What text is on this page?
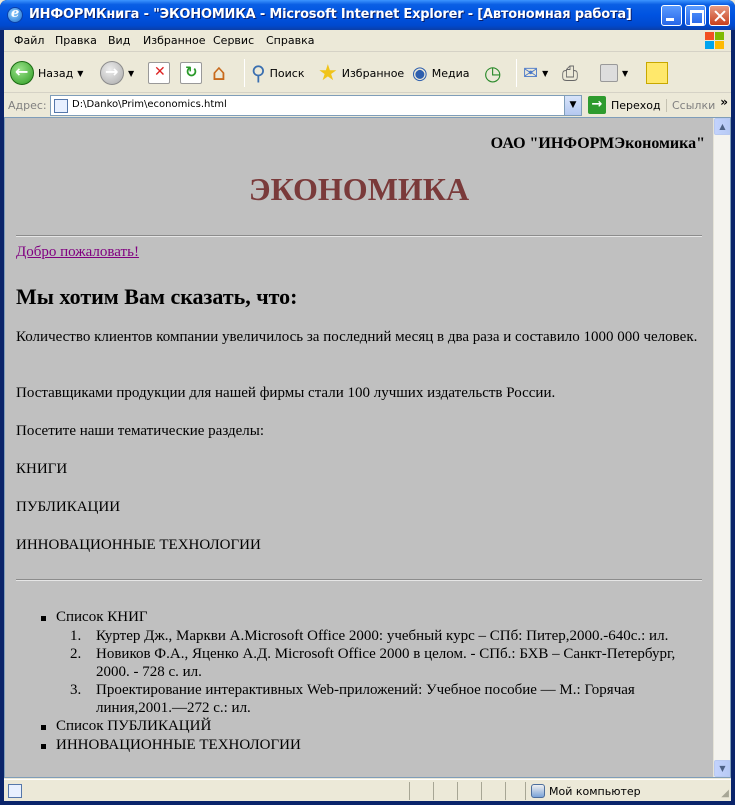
e
ИНФОРМКнига - "ЭКОНОМИКА - Microsoft Internet Explorer - [Автономная работа]
Файл Правка Вид Избранное Сервис Справка
←
Назад ▼
→	▼ ✕ ↻ ⌂ ⚲ Поиск ★ Избранное ◉ Медиа ◷ ✉ ▼ ⎙	▼
Адрес:	D:\Danko\Prim\economics.html	▼	→ Переход	Ссылки »
ОАО "ИНФОРМЭкономика"
ЭКОНОМИКА
Добро пожаловать!
Мы хотим Вам сказать, что:
Количество клиентов компании увеличилось за последний месяц в два раза и составило 1000 000 человек.
Поставщиками продукции для нашей фирмы стали 100 лучших издательств России.
Посетите наши тематические разделы:
КНИГИ
ПУБЛИКАЦИИ
ИННОВАЦИОННЫЕ ТЕХНОЛОГИИ
Список КНИГ
1. Куртер Дж., Маркви А.Microsoft Office 2000: учебный курс – СПб: Питер,2000.-640с.: ил.
2. Новиков Ф.А., Яценко А.Д. Microsoft Office 2000 в целом. - СПб.: БХВ – Санкт-Петербург, 2000. - 728 с. ил.
3. Проектирование интерактивных Web-приложений: Учебное пособие — М.: Горячая линия,2001.—272 с.: ил.
Список ПУБЛИКАЦИЙ
ИННОВАЦИОННЫЕ ТЕХНОЛОГИИ
▲
▼
Мой компьютер	◢
